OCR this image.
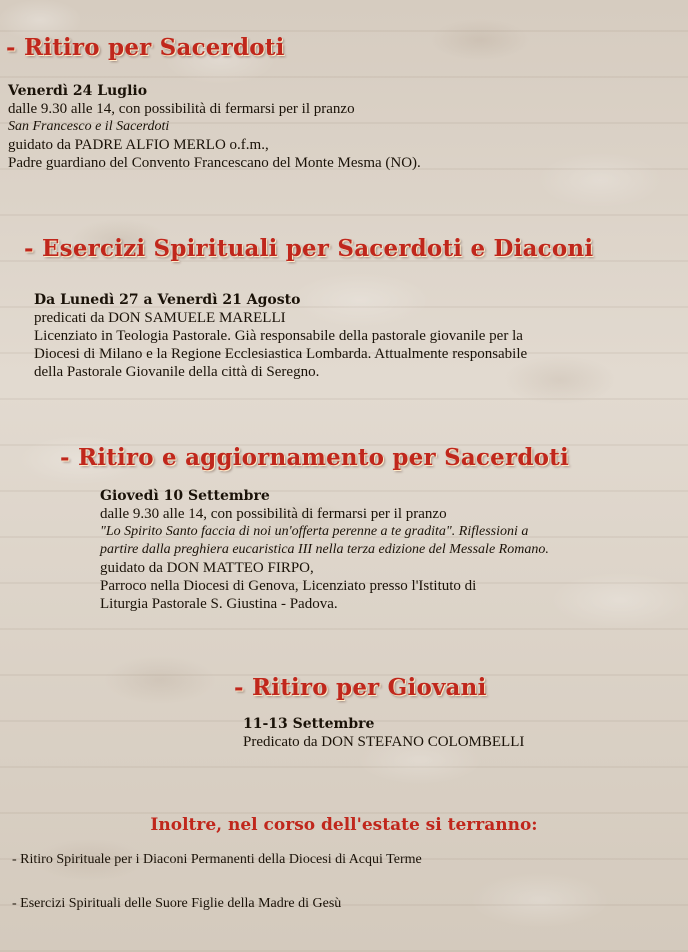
- Ritiro per Sacerdoti
Venerdì 24 Luglio
dalle 9.30 alle 14, con possibilità di fermarsi per il pranzo
San Francesco e il Sacerdoti
guidato da PADRE ALFIO MERLO o.f.m.,
Padre guardiano del Convento Francescano del Monte Mesma (NO).
- Esercizi Spirituali per Sacerdoti e Diaconi
Da Lunedì 27 a Venerdì 21 Agosto
predicati da DON SAMUELE MARELLI
Licenziato in Teologia Pastorale. Già responsabile della pastorale giovanile per la
Diocesi di Milano e la Regione Ecclesiastica Lombarda. Attualmente responsabile
della Pastorale Giovanile della città di Seregno.
- Ritiro e aggiornamento per Sacerdoti
Giovedì 10 Settembre
dalle 9.30 alle 14, con possibilità di fermarsi per il pranzo
"Lo Spirito Santo faccia di noi un'offerta perenne a te gradita". Riflessioni a
partire dalla preghiera eucaristica III nella terza edizione del Messale Romano.
guidato da DON MATTEO FIRPO,
Parroco nella Diocesi di Genova, Licenziato presso l'Istituto di
Liturgia Pastorale S. Giustina - Padova.
- Ritiro per Giovani
11-13 Settembre
Predicato da DON STEFANO COLOMBELLI
Inoltre, nel corso dell'estate si terranno:
- Ritiro Spirituale per i Diaconi Permanenti della Diocesi di Acqui Terme
- Esercizi Spirituali delle Suore Figlie della Madre di Gesù
